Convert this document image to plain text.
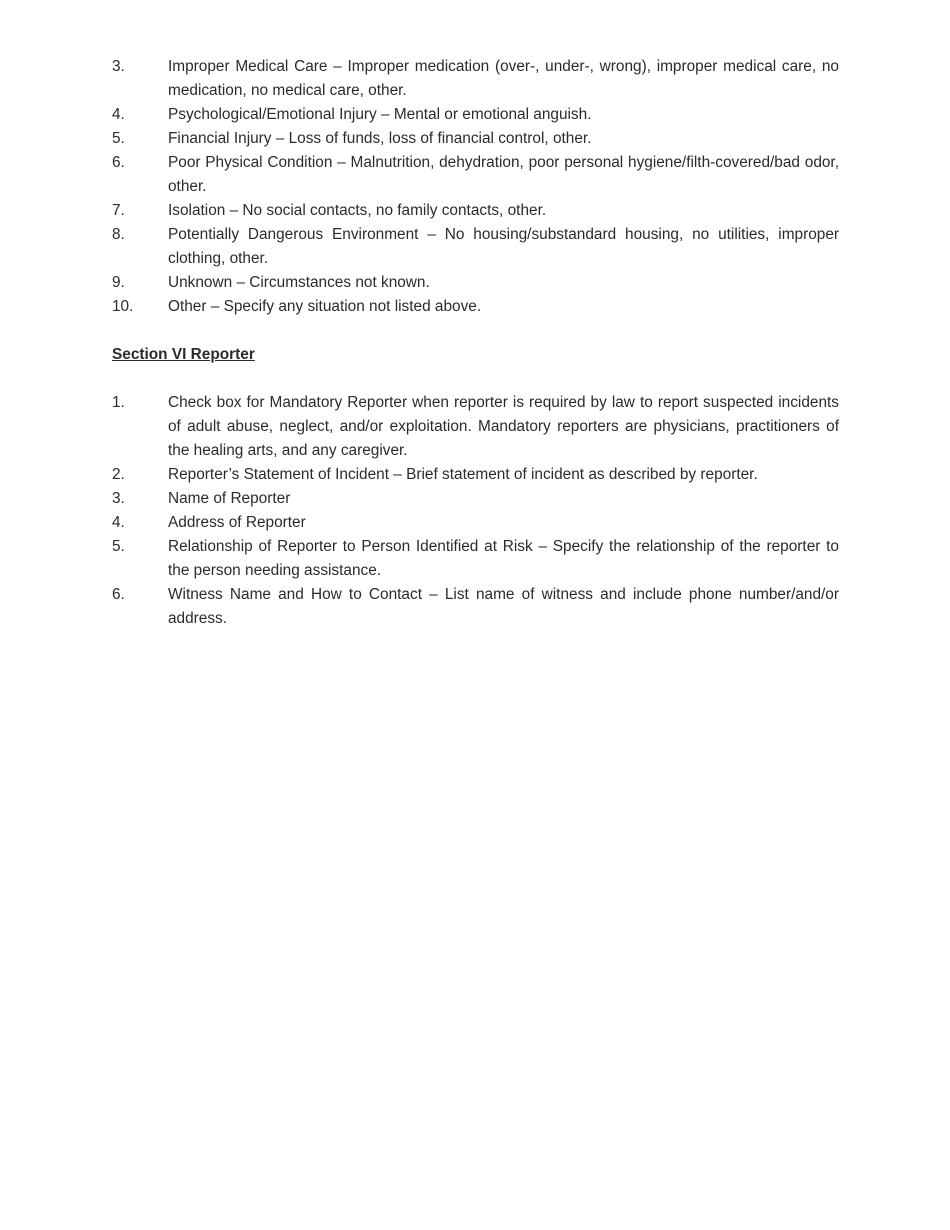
3.	Improper Medical Care – Improper medication (over-, under-, wrong), improper medical care, no medication, no medical care, other.
4.	Psychological/Emotional Injury – Mental or emotional anguish.
5.	Financial Injury – Loss of funds, loss of financial control, other.
6.	Poor Physical Condition – Malnutrition, dehydration, poor personal hygiene/filth-covered/bad odor, other.
7.	Isolation – No social contacts, no family contacts, other.
8.	Potentially Dangerous Environment – No housing/substandard housing, no utilities, improper clothing, other.
9.	Unknown – Circumstances not known.
10.	Other – Specify any situation not listed above.
Section VI Reporter
1.	Check box for Mandatory Reporter when reporter is required by law to report suspected incidents of adult abuse, neglect, and/or exploitation. Mandatory reporters are physicians, practitioners of the healing arts, and any caregiver.
2.	Reporter’s Statement of Incident – Brief statement of incident as described by reporter.
3.	Name of Reporter
4.	Address of Reporter
5.	Relationship of Reporter to Person Identified at Risk – Specify the relationship of the reporter to the person needing assistance.
6.	Witness Name and How to Contact – List name of witness and include phone number/and/or address.
